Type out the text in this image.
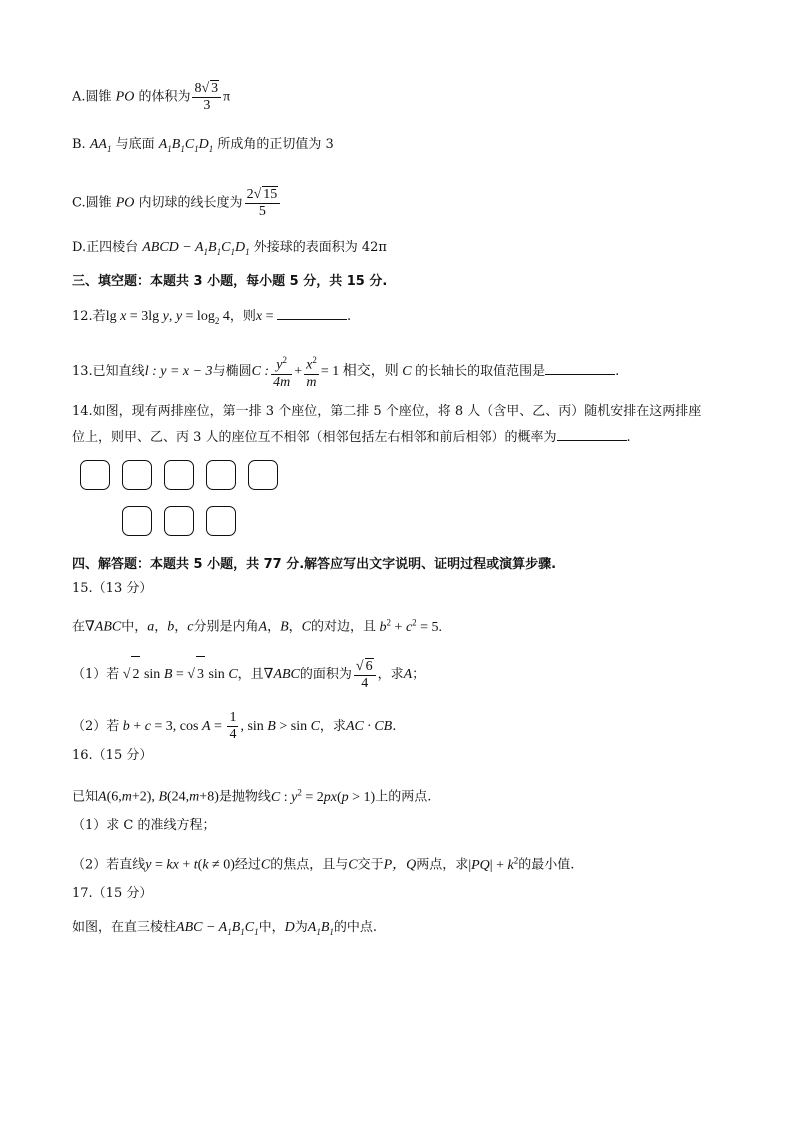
A.圆锥 PO 的体积为 $\frac{8√ 3}{3}$ π
B. $AA_1$ 与底面 $A_1B_1C_1D_1$ 所成角的正切值为 3
C.圆锥 PO 内切球的线长度为 $\frac{2√ 15}{5}$
D.正四棱台 ABCD − $A_1B_1C_1D_1$ 外接球的表面积为 42π
三、填空题：本题共 3 小题，每小题 5 分，共 15 分.
12.若lg x = 3lg y, $y = \log_2 4$，则x =	.
13.已知直线l : y = x − 3与椭圆C : $\frac{y^2}{4m} + \frac{x^2}{m} = 1$ 相交，则 C 的长轴长的取值范围是	.
14.如图，现有两排座位，第一排 3 个座位，第二排 5 个座位，将 8 人（含甲、乙、丙）随机安排在这两排座
位上，则甲、乙、丙 3 人的座位互不相邻（相邻包括左右相邻和前后相邻）的概率为	.
四、解答题：本题共 5 小题，共 77 分.解答应写出文字说明、证明过程或演算步骤.
15.（13 分）
在∇ABC中，a，b，c分别是内角A，B，C的对边，且 $b^2 + c^2 = 5$.
（1）若 √ 2 sin B = √ 3 sin C，且∇ABC的面积为 $\frac{√ 6}{4}$ ，求A；
（2）若 b + c = 3, $\cos A = \frac{1}{4}$ , sin B > sin C，求AC · CB.
16.（15 分）
已知A(6,m+2), B(24,m+8)是抛物线C : $y^2 = 2px(p > 1)$上的两点.
（1）求 C 的准线方程；
（2）若直线y = kx + t(k ≠ 0)经过C的焦点，且与C交于P，Q两点，求$|PQ| + k^2$的最小值.
17.（15 分）
如图，在直三棱柱ABC − $A_1B_1C_1$中，D为$A_1B_1$的中点.
